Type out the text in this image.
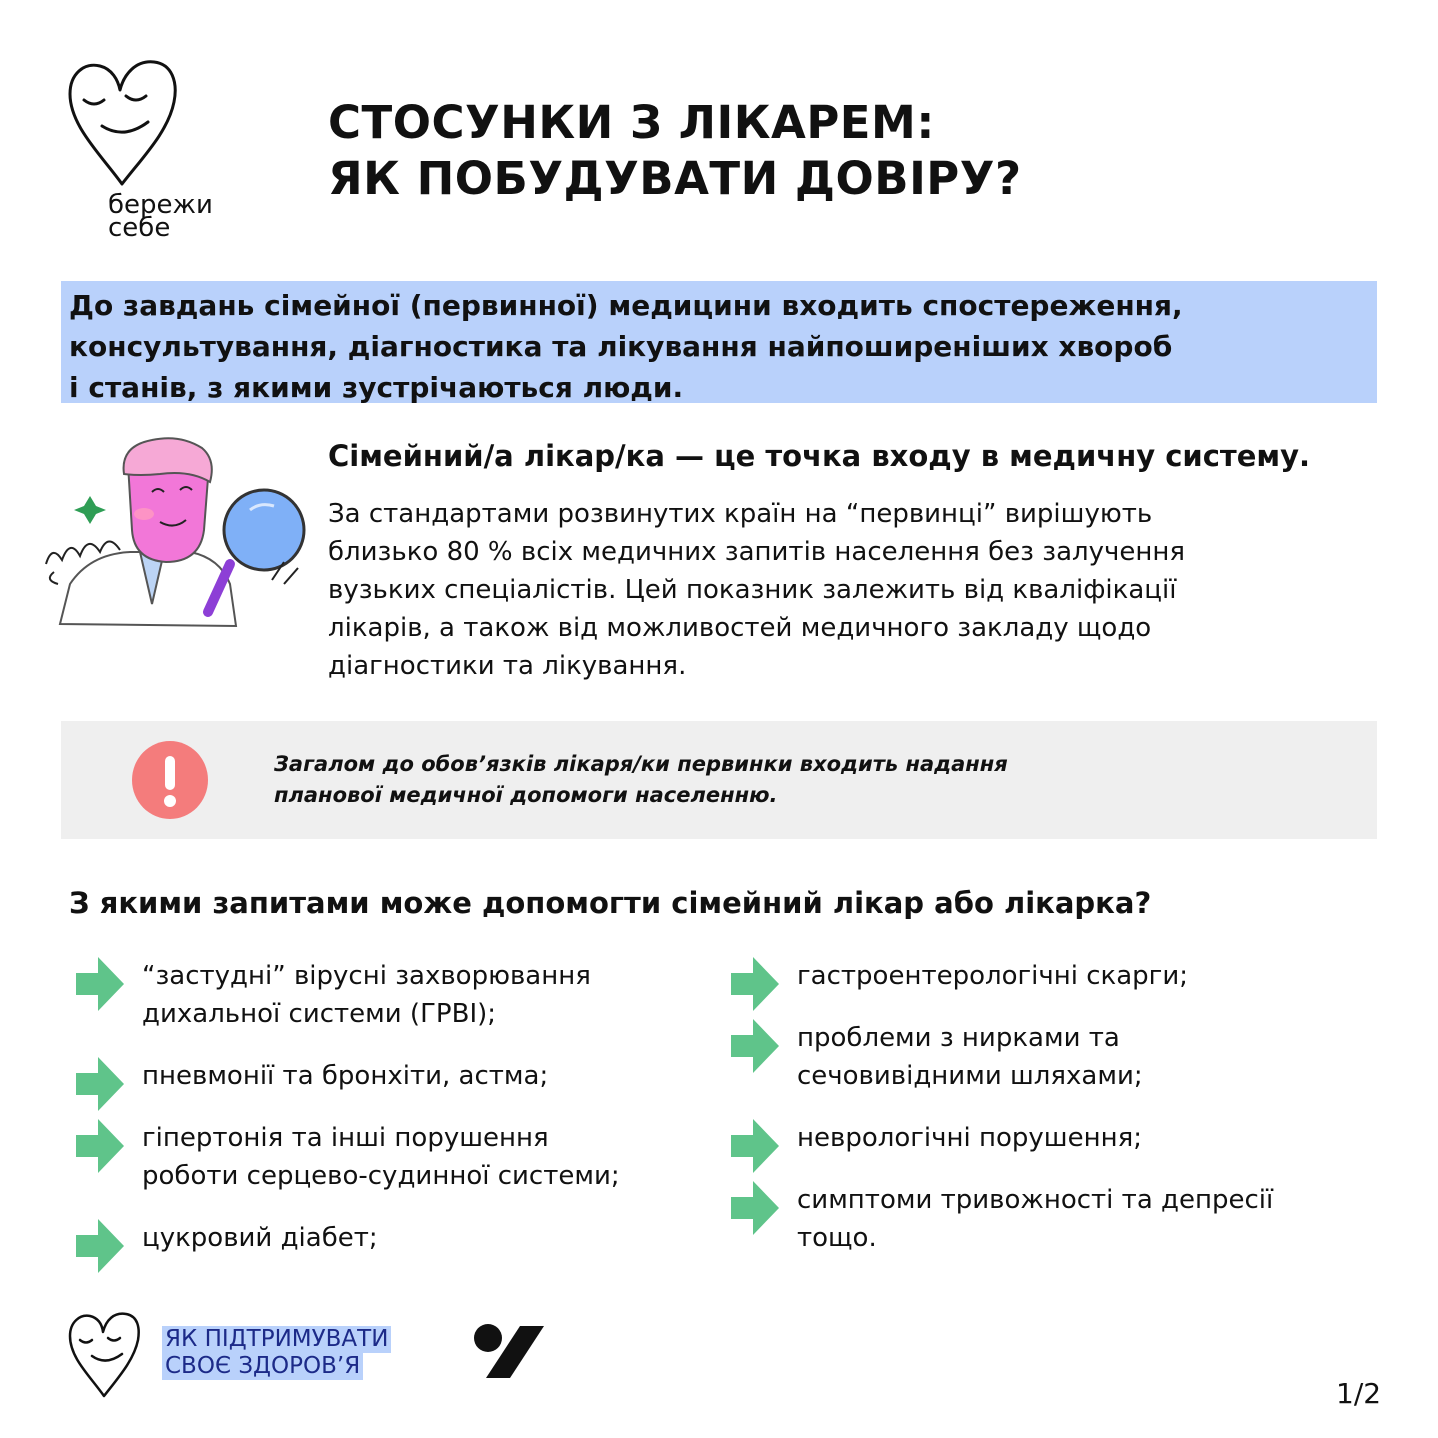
бережи
себе
СТОСУНКИ З ЛІКАРЕМ:
ЯК ПОБУДУВАТИ ДОВІРУ?

До завдань сімейної (первинної) медицини входить спостереження,

консультування, діагностика та лікування найпоширеніших хвороб

і станів, з якими зустрічаються люди.

Сімейний/а лікар/ка — це точка входу в медичну систему.
За стандартами розвинутих країн на “первинці” вирішують
близько 80 % всіх медичних запитів населення без залучення
вузьких спеціалістів. Цей показник залежить від кваліфікації
лікарів, а також від можливостей медичного закладу щодо
діагностики та лікування.
Загалом до обов’язків лікаря/ки первинки входить надання
планової медичної допомоги населенню.
З якими запитами може допомогти сімейний лікар або лікарка?
“застудні” вірусні захворювання
дихальної системи (ГРВІ);
пневмонії та бронхіти, астма;
гіпертонія та інші порушення
роботи серцево-судинної системи;
цукровий діабет;
гастроентерологічні скарги;
проблеми з нирками та
сечовивідними шляхами;
неврологічні порушення;
симптоми тривожності та депресії
тощо.
ЯК ПІДТРИМУВАТИ
СВОЄ ЗДОРОВ’Я
1/2
